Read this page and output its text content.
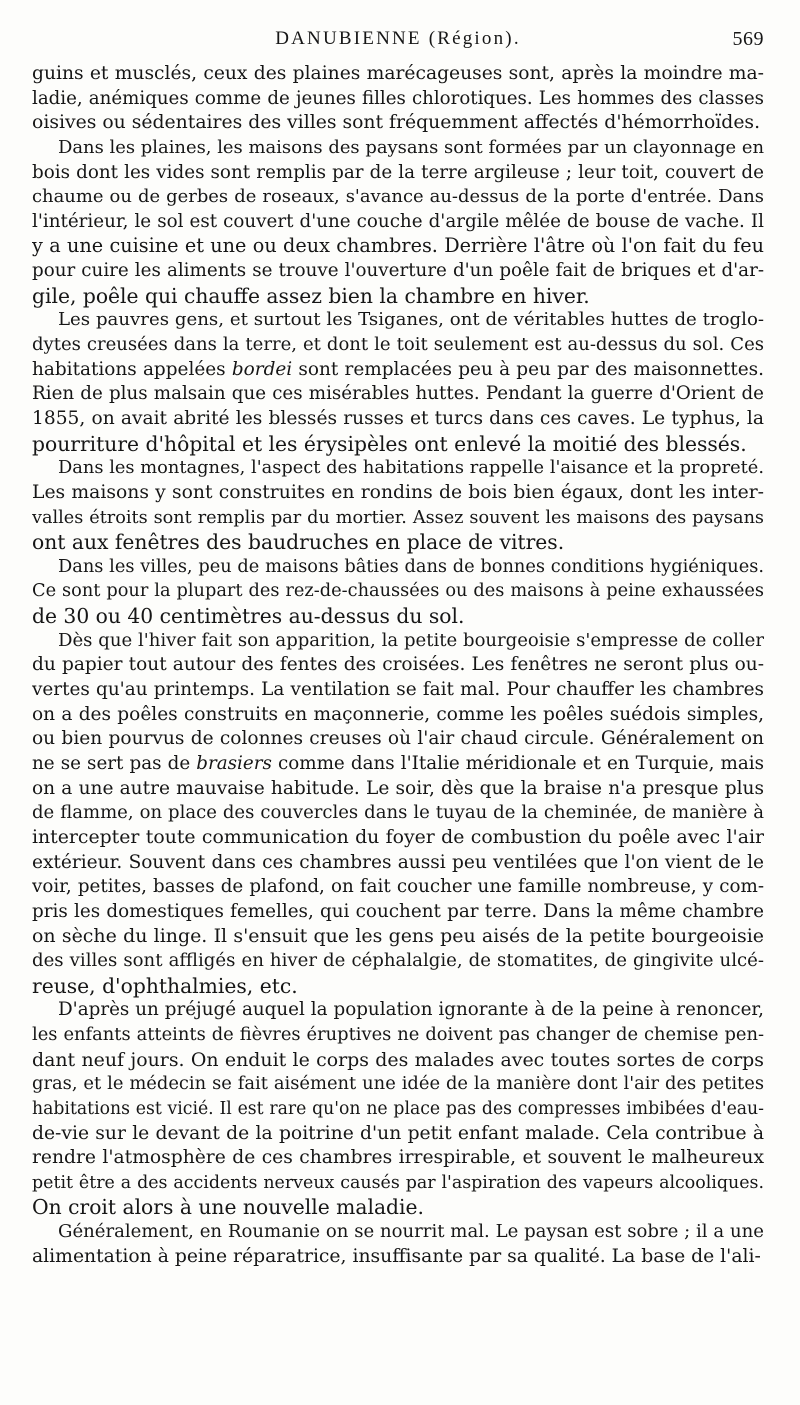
DANUBIENNE (Région).	569
guins et musclés, ceux des plaines marécageuses sont, après la moindre ma-
ladie, anémiques comme de jeunes filles chlorotiques. Les hommes des classes
oisives ou sédentaires des villes sont fréquemment affectés d'hémorrhoïdes.
Dans les plaines, les maisons des paysans sont formées par un clayonnage en
bois dont les vides sont remplis par de la terre argileuse ; leur toit, couvert de
chaume ou de gerbes de roseaux, s'avance au-dessus de la porte d'entrée. Dans
l'intérieur, le sol est couvert d'une couche d'argile mêlée de bouse de vache. Il
y a une cuisine et une ou deux chambres. Derrière l'âtre où l'on fait du feu
pour cuire les aliments se trouve l'ouverture d'un poêle fait de briques et d'ar-
gile, poêle qui chauffe assez bien la chambre en hiver.
Les pauvres gens, et surtout les Tsiganes, ont de véritables huttes de troglo-
dytes creusées dans la terre, et dont le toit seulement est au-dessus du sol. Ces
habitations appelées bordei sont remplacées peu à peu par des maisonnettes.
Rien de plus malsain que ces misérables huttes. Pendant la guerre d'Orient de
1855, on avait abrité les blessés russes et turcs dans ces caves. Le typhus, la
pourriture d'hôpital et les érysipèles ont enlevé la moitié des blessés.
Dans les montagnes, l'aspect des habitations rappelle l'aisance et la propreté.
Les maisons y sont construites en rondins de bois bien égaux, dont les inter-
valles étroits sont remplis par du mortier. Assez souvent les maisons des paysans
ont aux fenêtres des baudruches en place de vitres.
Dans les villes, peu de maisons bâties dans de bonnes conditions hygiéniques.
Ce sont pour la plupart des rez-de-chaussées ou des maisons à peine exhaussées
de 30 ou 40 centimètres au-dessus du sol.
Dès que l'hiver fait son apparition, la petite bourgeoisie s'empresse de coller
du papier tout autour des fentes des croisées. Les fenêtres ne seront plus ou-
vertes qu'au printemps. La ventilation se fait mal. Pour chauffer les chambres
on a des poêles construits en maçonnerie, comme les poêles suédois simples,
ou bien pourvus de colonnes creuses où l'air chaud circule. Généralement on
ne se sert pas de brasiers comme dans l'Italie méridionale et en Turquie, mais
on a une autre mauvaise habitude. Le soir, dès que la braise n'a presque plus
de flamme, on place des couvercles dans le tuyau de la cheminée, de manière à
intercepter toute communication du foyer de combustion du poêle avec l'air
extérieur. Souvent dans ces chambres aussi peu ventilées que l'on vient de le
voir, petites, basses de plafond, on fait coucher une famille nombreuse, y com-
pris les domestiques femelles, qui couchent par terre. Dans la même chambre
on sèche du linge. Il s'ensuit que les gens peu aisés de la petite bourgeoisie
des villes sont affligés en hiver de céphalalgie, de stomatites, de gingivite ulcé-
reuse, d'ophthalmies, etc.
D'après un préjugé auquel la population ignorante à de la peine à renoncer,
les enfants atteints de fièvres éruptives ne doivent pas changer de chemise pen-
dant neuf jours. On enduit le corps des malades avec toutes sortes de corps
gras, et le médecin se fait aisément une idée de la manière dont l'air des petites
habitations est vicié. Il est rare qu'on ne place pas des compresses imbibées d'eau-
de-vie sur le devant de la poitrine d'un petit enfant malade. Cela contribue à
rendre l'atmosphère de ces chambres irrespirable, et souvent le malheureux
petit être a des accidents nerveux causés par l'aspiration des vapeurs alcooliques.
On croit alors à une nouvelle maladie.
Généralement, en Roumanie on se nourrit mal. Le paysan est sobre ; il a une
alimentation à peine réparatrice, insuffisante par sa qualité. La base de l'ali-
